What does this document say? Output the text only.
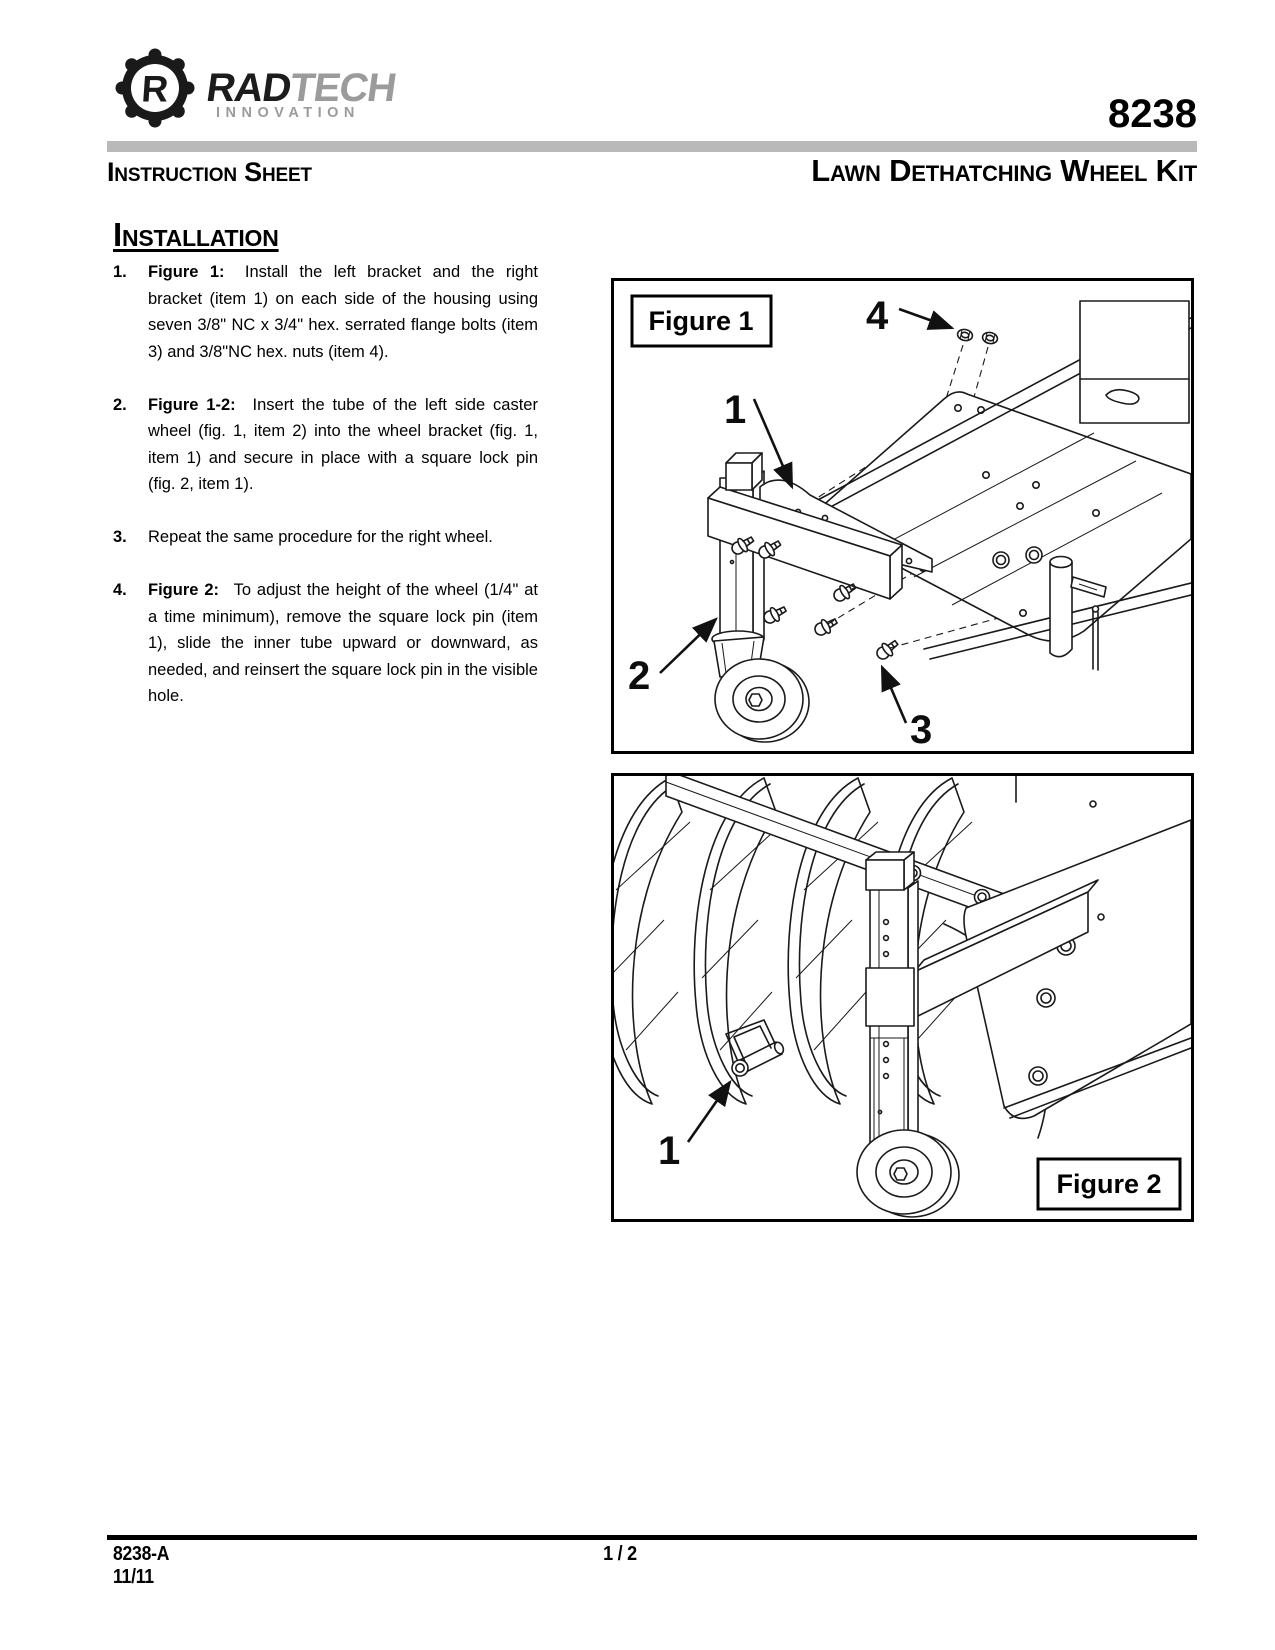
R RADTECH
INNOVATION	8238
Instruction Sheet	Lawn Dethatching Wheel Kit
Installation
1.	Figure 1: Install the left bracket and the right bracket (item 1) on each side of the housing using seven 3/8" NC x 3/4" hex. serrated flange bolts (item 3) and 3/8"NC hex. nuts (item 4).
2.	Figure 1-2: Insert the tube of the left side caster wheel (fig. 1, item 2) into the wheel bracket (fig. 1, item 1) and secure in place with a square lock pin (fig. 2, item 1).
3.	Repeat the same procedure for the right wheel.
4.	Figure 2: To adjust the height of the wheel (1/4" at a time minimum), remove the square lock pin (item 1), slide the inner tube upward or downward, as needed, and reinsert the square lock pin in the visible hole.
4
1
2
3
Figure 1
1
Figure 2
8238-A
11/11
1 / 2
